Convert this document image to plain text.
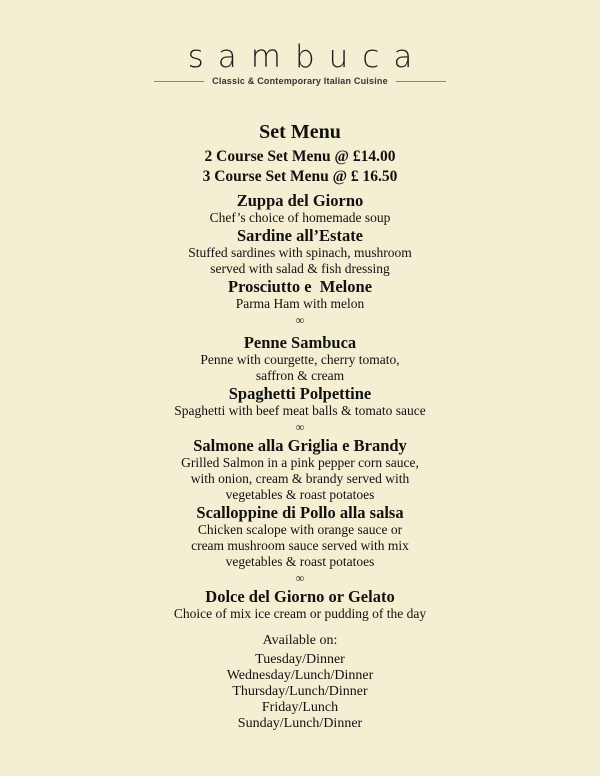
sambuca
Classic & Contemporary Italian Cuisine
Set Menu
2 Course Set Menu @ £14.00
3 Course Set Menu @ £ 16.50
Zuppa del Giorno
Chef’s choice of homemade soup
Sardine all’Estate
Stuffed sardines with spinach, mushroom
served with salad & fish dressing
Prosciutto e  Melone
Parma Ham with melon
∞
Penne Sambuca
Penne with courgette, cherry tomato,
saffron & cream
Spaghetti Polpettine
Spaghetti with beef meat balls & tomato sauce
∞
Salmone alla Griglia e Brandy
Grilled Salmon in a pink pepper corn sauce,
with onion, cream & brandy served with
vegetables & roast potatoes
Scalloppine di Pollo alla salsa
Chicken scalope with orange sauce or
cream mushroom sauce served with mix
vegetables & roast potatoes
∞
Dolce del Giorno or Gelato
Choice of mix ice cream or pudding of the day
Available on:
Tuesday/Dinner
Wednesday/Lunch/Dinner
Thursday/Lunch/Dinner
Friday/Lunch
Sunday/Lunch/Dinner
